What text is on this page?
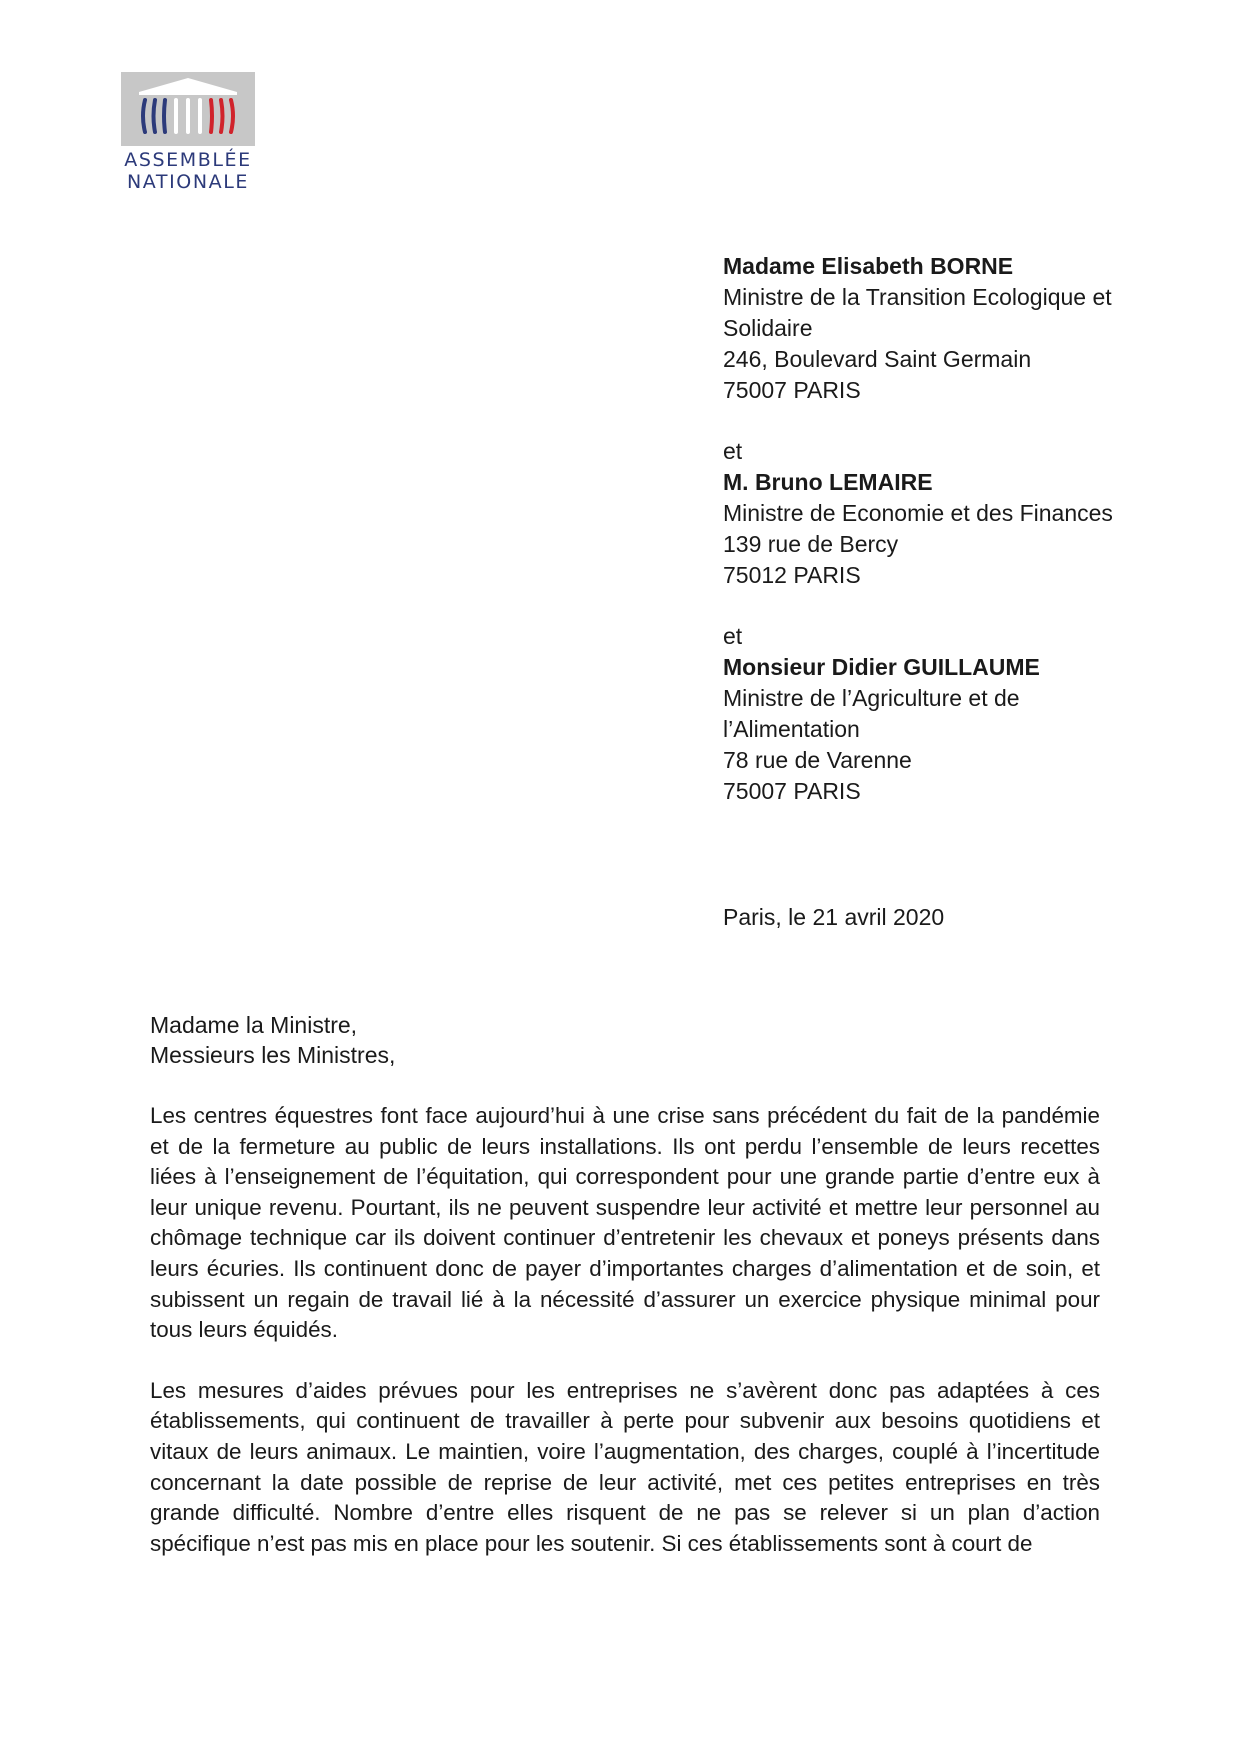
ASSEMBLÉE
NATIONALE
Madame Elisabeth BORNE
Ministre de la Transition Ecologique et
Solidaire
246, Boulevard Saint Germain
75007 PARIS
et
M. Bruno LEMAIRE
Ministre de Economie et des Finances
139 rue de Bercy
75012 PARIS
et
Monsieur Didier GUILLAUME
Ministre de l’Agriculture et de
l’Alimentation
78 rue de Varenne
75007 PARIS
Paris, le 21 avril 2020
Madame la Ministre,
Messieurs les Ministres,

Les centres équestres font face aujourd’hui à une crise sans précédent du fait de la pandémie et de la fermeture au public de leurs installations. Ils ont perdu l’ensemble de leurs recettes liées à l’enseignement de l’équitation, qui correspondent pour une grande partie d’entre eux à leur unique revenu. Pourtant, ils ne peuvent suspendre leur activité et mettre leur personnel au chômage technique car ils doivent continuer d’entretenir les chevaux et poneys présents dans leurs écuries. Ils continuent donc de payer d’importantes charges d’alimentation et de soin, et subissent un regain de travail lié à la nécessité d’assurer un exercice physique minimal pour tous leurs équidés.

Les mesures d’aides prévues pour les entreprises ne s’avèrent donc pas adaptées à ces établissements, qui continuent de travailler à perte pour subvenir aux besoins quotidiens et vitaux de leurs animaux. Le maintien, voire l’augmentation, des charges, couplé à l’incertitude concernant la date possible de reprise de leur activité, met ces petites entreprises en très grande difficulté. Nombre d’entre elles risquent de ne pas se relever si un plan d’action spécifique n’est pas mis en place pour les soutenir. Si ces établissements sont à court de
